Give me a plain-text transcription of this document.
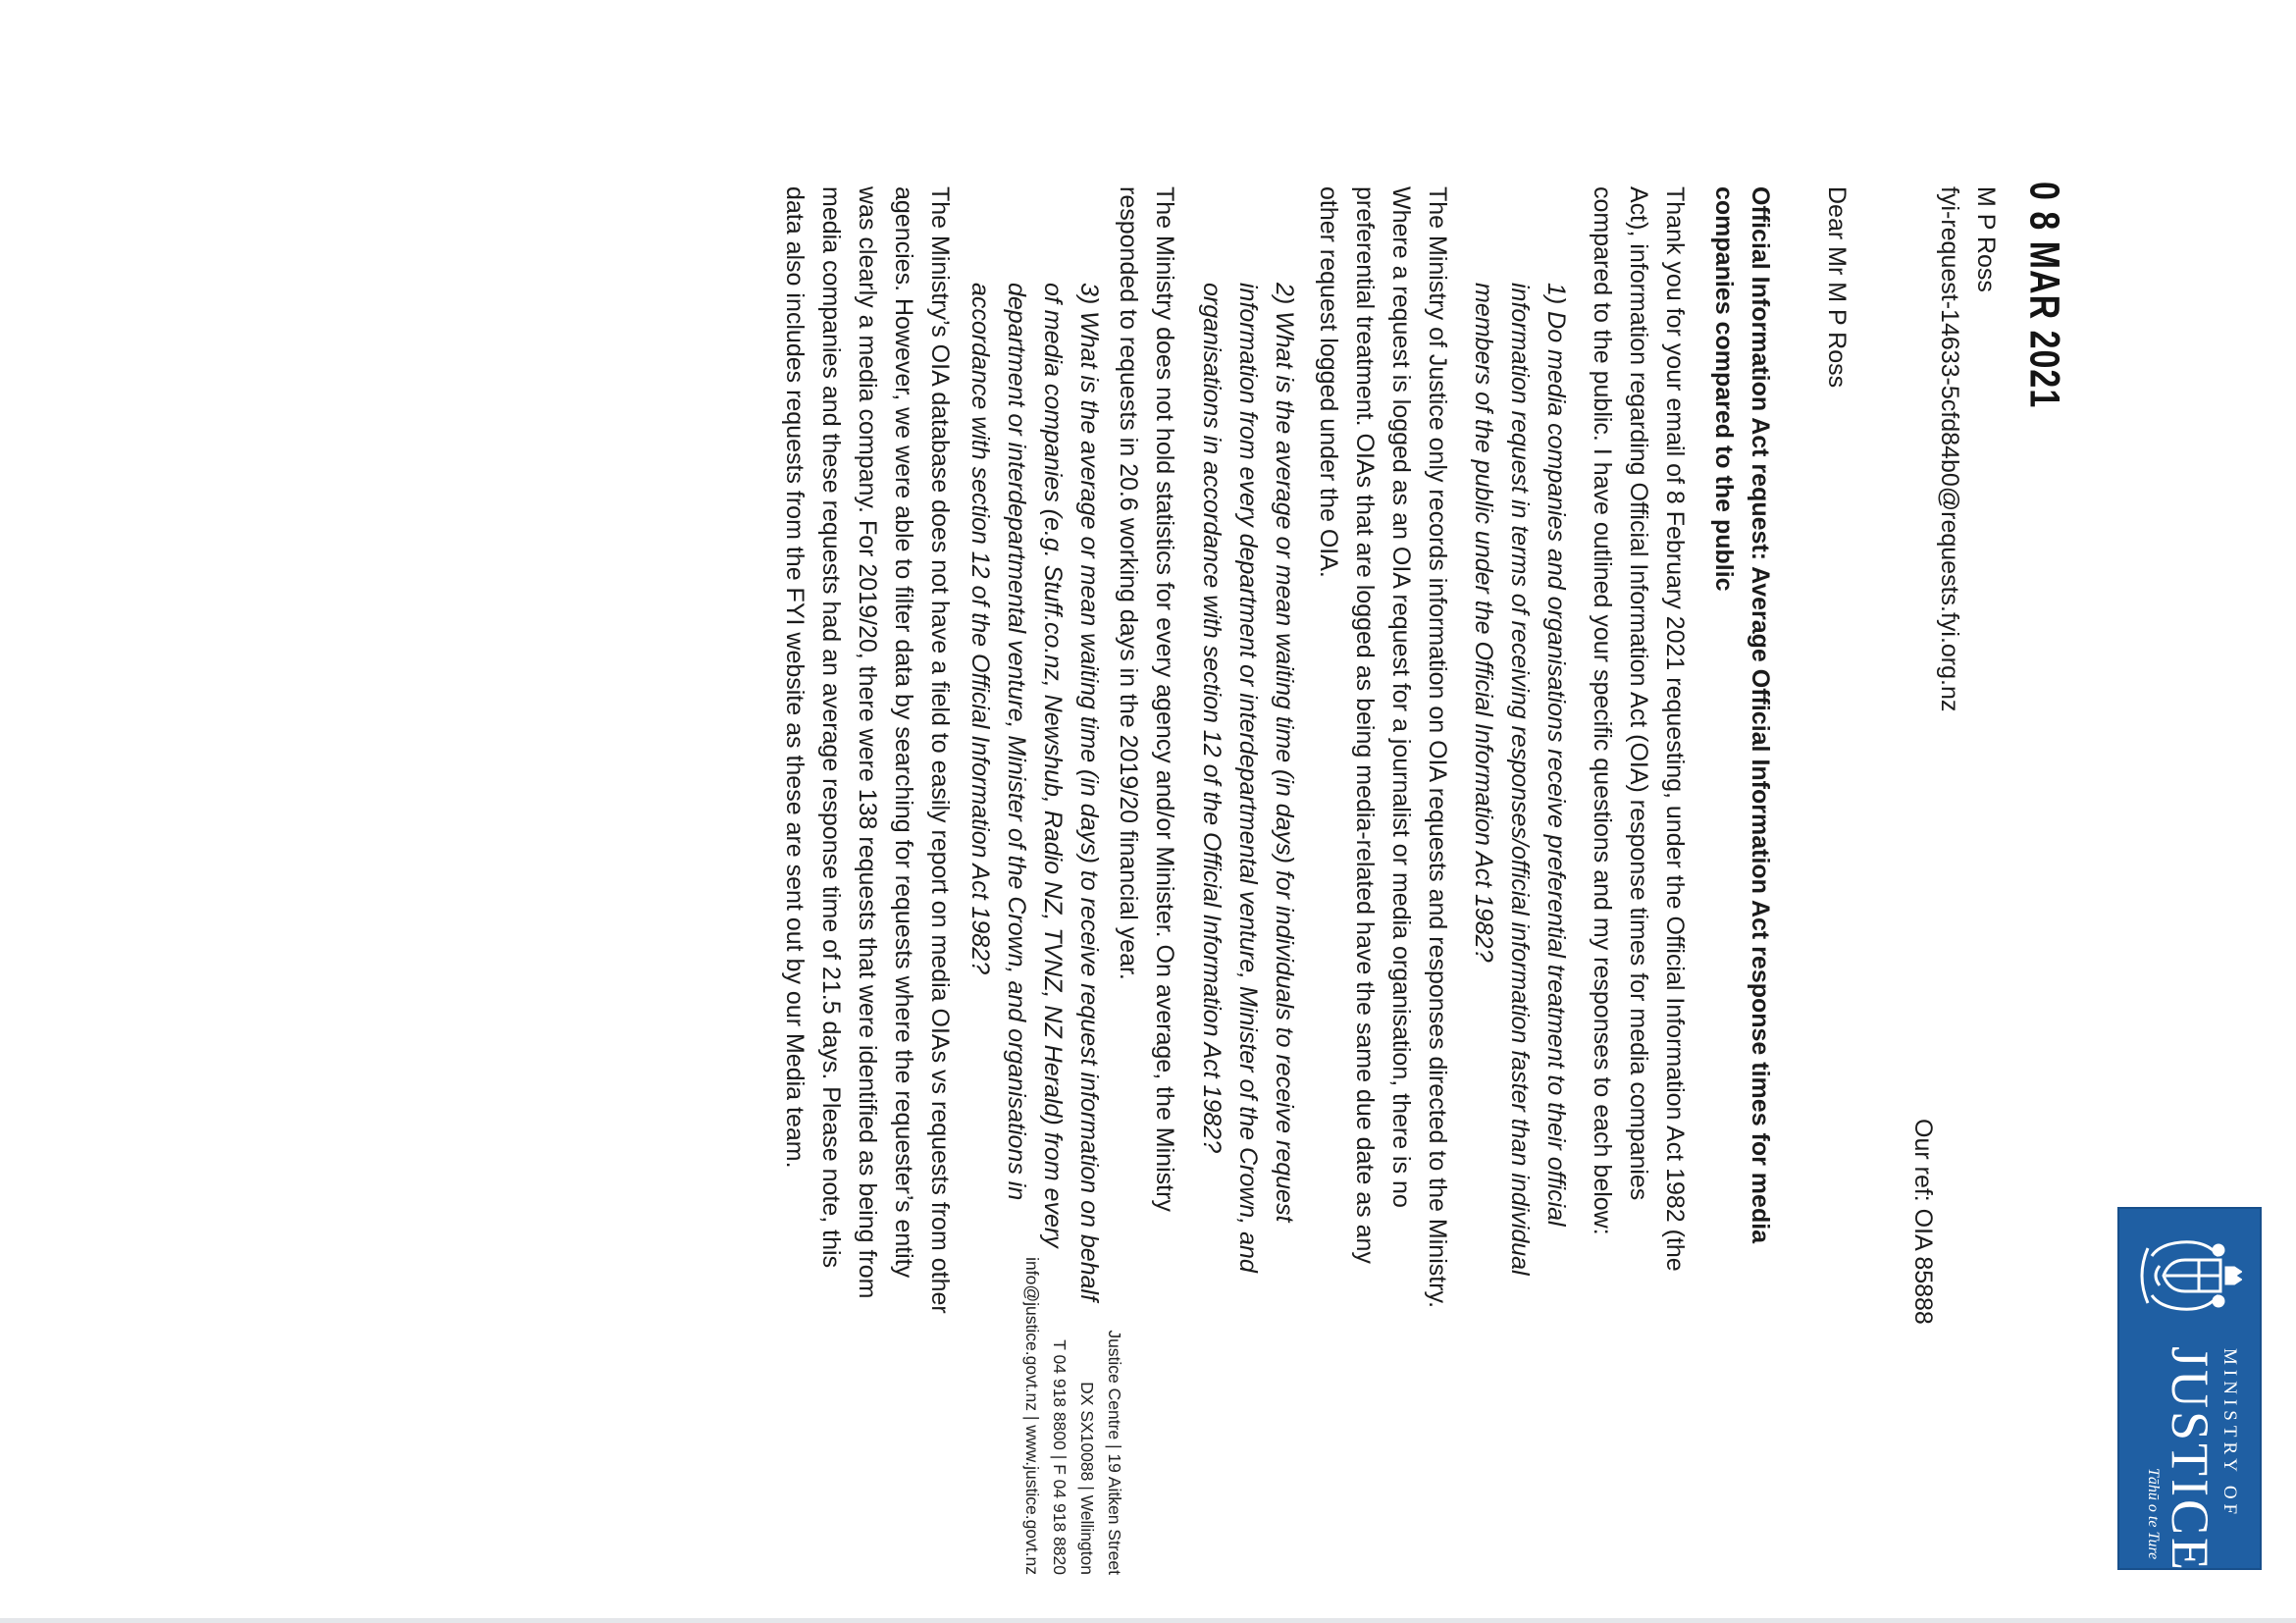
MINISTRY OF
JUSTICE
Tāhū o te Ture
Justice Centre | 19 Aitken Street
DX SX10088 | Wellington
T 04 918 8800 | F 04 918 8820
info@justice.govt.nz | www.justice.govt.nz
0 8 MAR 2021
M P Ross
fyi-request-14633-5cfd84b0@requests.fyi.org.nz
Our ref: OIA 85888
Dear Mr M P Ross
Official Information Act request: Average Official Information Act response times for media companies compared to the public
Thank you for your email of 8 February 2021 requesting, under the Official Information Act 1982 (the Act), information regarding Official Information Act (OIA) response times for media companies compared to the public. I have outlined your specific questions and my responses to each below:
1) Do media companies and organisations receive preferential treatment to their official information request in terms of receiving responses/official information faster than individual members of the public under the Official Information Act 1982?
The Ministry of Justice only records information on OIA requests and responses directed to the Ministry. Where a request is logged as an OIA request for a journalist or media organisation, there is no preferential treatment. OIAs that are logged as being media-related have the same due date as any other request logged under the OIA.
2) What is the average or mean waiting time (in days) for individuals to receive request information from every department or interdepartmental venture, Minister of the Crown, and organisations in accordance with section 12 of the Official Information Act 1982?
The Ministry does not hold statistics for every agency and/or Minister. On average, the Ministry responded to requests in 20.6 working days in the 2019/20 financial year.
3) What is the average or mean waiting time (in days) to receive request information on behalf of media companies (e.g. Stuff.co.nz, Newshub, Radio NZ, TVNZ, NZ Herald) from every department or interdepartmental venture, Minister of the Crown, and organisations in accordance with section 12 of the Official Information Act 1982?
The Ministry’s OIA database does not have a field to easily report on media OIAs vs requests from other agencies. However, we were able to filter data by searching for requests where the requester’s entity was clearly a media company. For 2019/20, there were 138 requests that were identified as being from media companies and these requests had an average response time of 21.5 days. Please note, this data also includes requests from the FYI website as these are sent out by our Media team.
